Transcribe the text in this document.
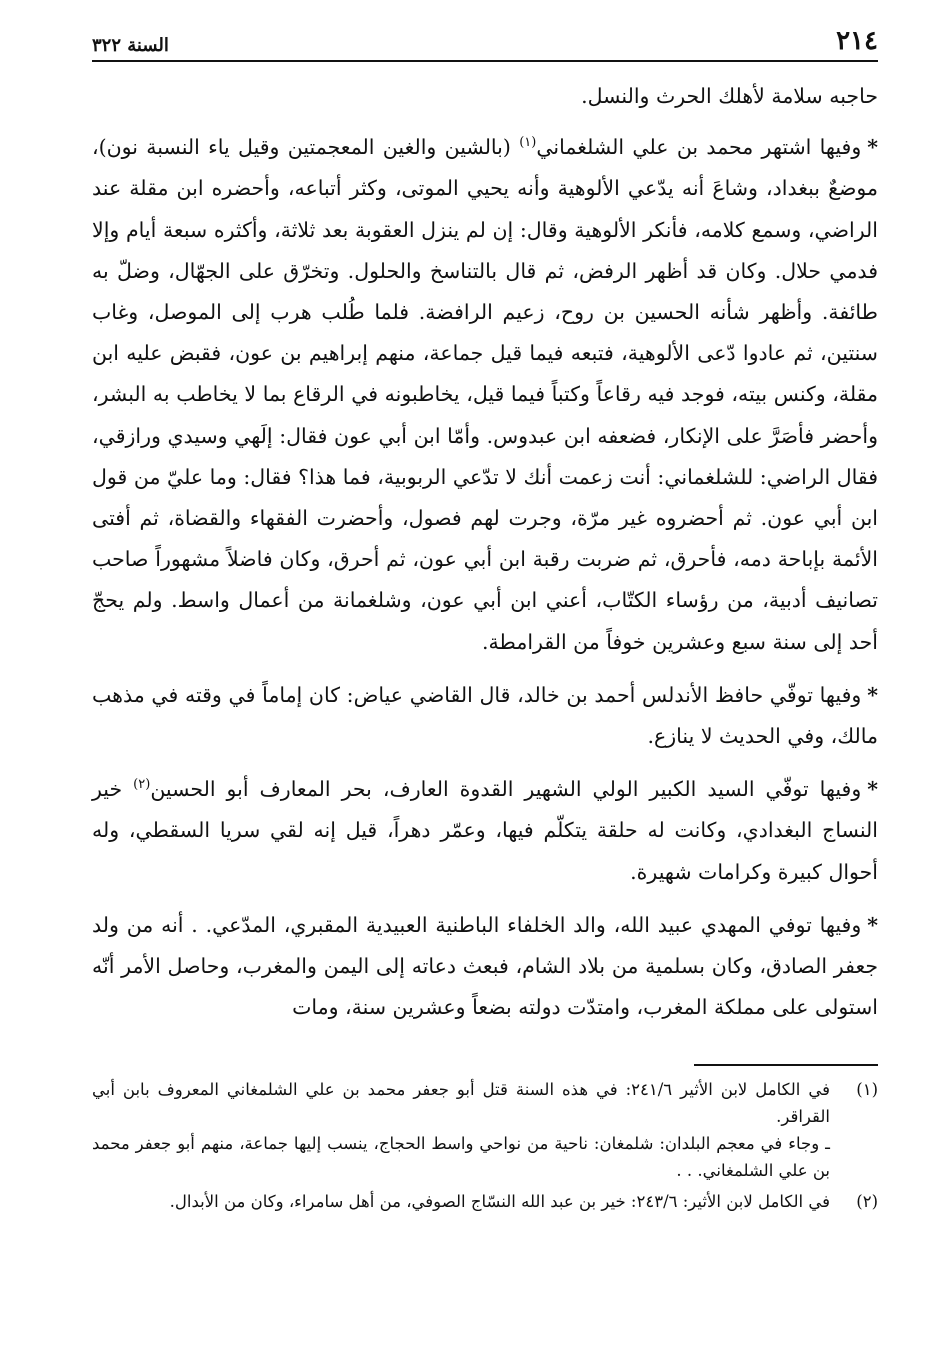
٢١٤
السنة ٣٢٢

حاجبه سلامة لأهلك الحرث والنسل.

*وفيها اشتهر محمد بن علي الشلغماني$^{(١)}$ (بالشين والغين المعجمتين وقيل ياء النسبة نون)، موضعٌ ببغداد، وشاعَ أنه يدّعي الألوهية وأنه يحيي الموتى، وكثر أتباعه، وأحضره ابن مقلة عند الراضي، وسمع كلامه، فأنكر الألوهية وقال: إن لم ينزل العقوبة بعد ثلاثة، وأكثره سبعة أيام وإلا فدمي حلال. وكان قد أظهر الرفض، ثم قال بالتناسخ والحلول. وتخرّق على الجهّال، وضلّ به طائفة. وأظهر شأنه الحسين بن روح، زعيم الرافضة. فلما طُلب هرب إلى الموصل، وغاب سنتين، ثم عادوا دّعى الألوهية، فتبعه فيما قيل جماعة، منهم إبراهيم بن عون، فقبض عليه ابن مقلة، وكنس بيته، فوجد فيه رقاعاً وكتباً فيما قيل، يخاطبونه في الرقاع بما لا يخاطب به البشر، وأحضر فأصَرَّ على الإنكار، فضعفه ابن عبدوس. وأمّا ابن أبي عون فقال: إلَهي وسيدي ورازقي، فقال الراضي: للشلغماني: أنت زعمت أنك لا تدّعي الربوبية، فما هذا؟ فقال: وما عليّ من قول ابن أبي عون. ثم أحضروه غير مرّة، وجرت لهم فصول، وأحضرت الفقهاء والقضاة، ثم أفتى الأئمة بإباحة دمه، فأحرق، ثم ضربت رقبة ابن أبي عون، ثم أحرق، وكان فاضلاً مشهوراً صاحب تصانيف أدبية، من رؤساء الكتّاب، أعني ابن أبي عون، وشلغمانة من أعمال واسط. ولم يحجّ أحد إلى سنة سبع وعشرين خوفاً من القرامطة.

*وفيها توفّي حافظ الأندلس أحمد بن خالد، قال القاضي عياض: كان إماماً في وقته في مذهب مالك، وفي الحديث لا ينازع.

*وفيها توفّي السيد الكبير الولي الشهير القدوة العارف، بحر المعارف أبو الحسين$^{(٢)}$ خير النساج البغدادي، وكانت له حلقة يتكلّم فيها، وعمّر دهراً، قيل إنه لقي سريا السقطي، وله أحوال كبيرة وكرامات شهيرة.

*وفيها توفي المهدي عبيد الله، والد الخلفاء الباطنية العبيدية المقبري، المدّعي. . أنه من ولد جعفر الصادق، وكان بسلمية من بلاد الشام، فبعث دعاته إلى اليمن والمغرب، وحاصل الأمر أنّه استولى على مملكة المغرب، وامتدّت دولته بضعاً وعشرين سنة، ومات

(١)
في الكامل لابن الأثير ٢٤١/٦: في هذه السنة قتل أبو جعفر محمد بن علي الشلمغاني المعروف بابن أبي القراقر.
ـ وجاء في معجم البلدان: شلمغان: ناحية من نواحي واسط الحجاج، ينسب إليها جماعة، منهم أبو جعفر محمد بن علي الشلمغاني. . .
(٢)
في الكامل لابن الأثير: ٢٤٣/٦: خير بن عبد الله النسّاج الصوفي، من أهل سامراء، وكان من الأبدال.
